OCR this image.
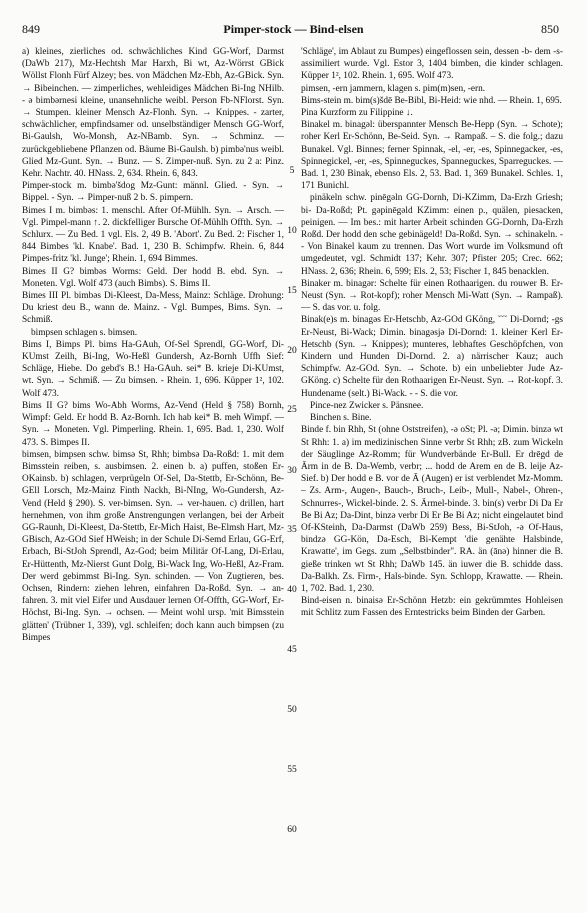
849	Pimper-stock — Bind-elsen	850

a) kleines, zierliches od. schwächliches Kind GG-Worf, Darmst (DaWb 217), Mz-Hechtsh Mar Harxh, Bi wt, Az-Wörrst GBick Wöllst Flonh Fürf Alzey; bes. von Mädchen Mz-Ebh, Az-GBick. Syn. → Bibeinchen. — zimperliches, wehleidiges Mädchen Bi-Ing NHilb. - ə bimbərnesi kleine, unansehnliche weibl. Person Fb-NFlorst. Syn. → Stumpen. kleiner Mensch Az-Flonh. Syn. → Knippes. - zarter, schwächlicher, empfindsamer od. unselbständiger Mensch GG-Worf, Bi-Gaulsh, Wo-Monsh, Az-NBamb. Syn. → Schminz. — zurückgebliebene Pflanzen od. Bäume Bi-Gaulsh. b) pimbə'nus weibl. Glied Mz-Gunt. Syn. → Bunz. — S. Zimper-nuß. Syn. zu 2 a: Pinz. Kehr. Nachtr. 40. HNass. 2, 634. Rhein. 6, 843.

Pimper-stock m. bimbə'šdog Mz-Gunt: männl. Glied. - Syn. → Bippel. - Syn. → Pimper-nuß 2 b. S. pimpern.

Bimes I m. bimbəs: 1. menschl. After Of-Mühlh. Syn. → Arsch. — Vgl. Pimpel-mann ↑. 2. dickfelliger Bursche Of-Mühlh Offth. Syn. → Schlurx. — Zu Bed. 1 vgl. Els. 2, 49 B. 'Abort'. Zu Bed. 2: Fischer 1, 844 Bimbes 'kl. Knabe'. Bad. 1, 230 B. Schimpfw. Rhein. 6, 844 Pimpes-fritz 'kl. Junge'; Rhein. 1, 694 Bimmes.

Bimes II G? bimbəs Worms: Geld. Der hodd B. ebd. Syn. → Moneten. Vgl. Wolf 473 (auch Bimbs). S. Bims II.

Bimes III Pl. bimbəs Di-Kleest, Da-Mess, Mainz: Schläge. Drohung: Du kriest deu B., wann de. Mainz. - Vgl. Bumpes, Bims. Syn. → Schmiß.

bimpsen schlagen s. bimsen.

Bims I, Bimps Pl. bims Ha-GAuh, Of-Sel Sprendl, GG-Worf, Di-KUmst Zeilh, Bi-Ing, Wo-Heßl Gundersh, Az-Bornh Uffh Sief: Schläge, Hiebe. Do gebd's B.! Ha-GAuh. sei* B. krieje Di-KUmst, wt. Syn. → Schmiß. — Zu bimsen. - Rhein. 1, 696. Küpper 1², 102. Wolf 473.

Bims II G? bims Wo-Abh Worms, Az-Vend (Held § 758) Bornh, Wimpf: Geld. Er hodd B. Az-Bornh. Ich hab kei* B. meh Wimpf. — Syn. → Moneten. Vgl. Pimperling. Rhein. 1, 695. Bad. 1, 230. Wolf 473. S. Bimpes II.

bimsen, bimpsen schw. bimsə St, Rhh; bimbsə Da-Roßd: 1. mit dem Bimsstein reiben, s. ausbimsen. 2. einen b. a) puffen, stoßen Er-OKainsb. b) schlagen, verprügeln Of-Sel, Da-Stettb, Er-Schönn, Be-GEll Lorsch, Mz-Mainz Finth Nackh, Bi-NIng, Wo-Gundersh, Az-Vend (Held § 290). S. ver-bimsen. Syn. → ver-hauen. c) drillen, hart hernehmen, von ihm große Anstrengungen verlangen, bei der Arbeit GG-Raunh, Di-Kleest, Da-Stettb, Er-Mich Haist, Be-Elmsh Hart, Mz-GBisch, Az-GOd Sief HWeish; in der Schule Di-Semd Erlau, GG-Erf, Erbach, Bi-StJoh Sprendl, Az-God; beim Militär Of-Lang, Di-Erlau, Er-Hüttenth, Mz-Nierst Gunt Dolg, Bi-Wack Ing, Wo-Heßl, Az-Fram. Der werd gebimmst Bi-Ing. Syn. schinden. — Von Zugtieren, bes. Ochsen, Rindern: ziehen lehren, einfahren Da-Roßd. Syn. → an-fahren. 3. mit viel Eifer und Ausdauer lernen Of-Offth, GG-Worf, Er-Höchst, Bi-Ing. Syn. → ochsen. — Meint wohl ursp. 'mit Bimsstein glätten' (Trübner 1, 339), vgl. schleifen; doch kann auch bimpsen (zu Bimpes

5
10
15
20
25
30
35
40
45
50
55
60

'Schläge', im Ablaut zu Bumpes) eingeflossen sein, dessen -b- dem -s- assimiliert wurde. Vgl. Estor 3, 1404 bimben, die kinder schlagen. Küpper 1², 102. Rhein. 1, 695. Wolf 473.

pimsen, -ern jammern, klagen s. pim(m)sen, -ern.

Bims-stein m. bim(s)šdē Be-Bibl, Bi-Heid: wie nhd. — Rhein. 1, 695.

Pina Kurzform zu Filippine ↓.

Binakel m. binagəl: überspannter Mensch Be-Hepp (Syn. → Schote); roher Kerl Er-Schönn, Be-Seid. Syn. → Rampaß. – S. die folg.; dazu Bunakel. Vgl. Binnes; ferner Spinnak, -el, -er, -es, Spinnegacker, -es, Spinnegickel, -er, -es, Spinneguckes, Spanneguckes, Sparreguckes. — Bad. 1, 230 Binak, ebenso Els. 2, 53. Bad. 1, 369 Bunakel. Schles. 1, 171 Bunichl.

pinäkeln schw. pinēgəln GG-Dornh, Di-KZimm, Da-Erzh Griesh; bi- Da-Roßd; Pt. gəpinēgəld KZimm: einen p., quälen, piesacken, peinigen. — Im bes.: mit harter Arbeit schinden GG-Dornh, Da-Erzh Roßd. Der hodd den sche gebinägeld! Da-Roßd. Syn. → schinakeln. -- Von Binakel kaum zu trennen. Das Wort wurde im Volksmund oft umgedeutet, vgl. Schmidt 137; Kehr. 307; Pfister 205; Crec. 662; HNass. 2, 636; Rhein. 6, 599; Els. 2, 53; Fischer 1, 845 benacklen.

Binaker m. binagər: Schelte für einen Rothaarigen. du rouwer B. Er-Neust (Syn. → Rot-kopf); roher Mensch Mi-Watt (Syn. → Rampaß). — S. das vor. u. folg.

Binak(e)s m. binagəs Er-Hetschb, Az-GOd GKöng, ˘˘˘ Di-Dornd; -gs Er-Neust, Bi-Wack; Dimin. binagəsjə Di-Dornd: 1. kleiner Kerl Er-Hetschb (Syn. → Knippes); munteres, lebhaftes Geschöpfchen, von Kindern und Hunden Di-Dornd. 2. a) närrischer Kauz; auch Schimpfw. Az-GOd. Syn. → Schote. b) ein unbeliebter Jude Az-GKöng. c) Schelte für den Rothaarigen Er-Neust. Syn. → Rot-kopf. 3. Hundename (selt.) Bi-Wack. - - S. die vor.

Pince-nez Zwicker s. Pänsnee.

Binchen s. Bine.

Binde f. bin Rhh, St (ohne Oststreifen), -ə oSt; Pl. -ə; Dimin. binzə wt St Rhh: 1. a) im medizinischen Sinne verbr St Rhh; zB. zum Wickeln der Säuglinge Az-Romm; für Wundverbände Er-Bull. Er drēgd de Ārm in de B. Da-Wemb, verbr; ... hodd de Arem en de B. leije Az-Sief. b) Der hodd e B. vor de Ā (Augen) er ist verblendet Mz-Momm. – Zs. Arm-, Augen-, Bauch-, Bruch-, Leib-, Mull-, Nabel-, Ohren-, Schnurres-, Wickel-binde. 2. S. Ärmel-binde. 3. bin(s) verbr Di Da Er Be Bi Az; Da-Dint, binzə verbr Di Er Be Bi Az; nicht eingelautet bind Of-KSteinh, Da-Darmst (DaWb 259) Bess, Bi-StJoh, -ə Of-Haus, bindzə GG-Kön, Da-Esch, Bi-Kempt 'die genähte Halsbinde, Krawatte', im Gegs. zum „Selbstbinder". RA. än (ānə) hinner die B. gieße trinken wt St Rhh; DaWb 145. än iuwer die B. schidde dass. Da-Balkh. Zs. Firm-, Hals-binde. Syn. Schlopp, Krawatte. — Rhein. 1, 702. Bad. 1, 230.

Bind-eisen n. binaisə Er-Schönn Hetzb: ein gekrümmtes Hohleisen mit Schlitz zum Fassen des Erntestricks beim Binden der Garben.
